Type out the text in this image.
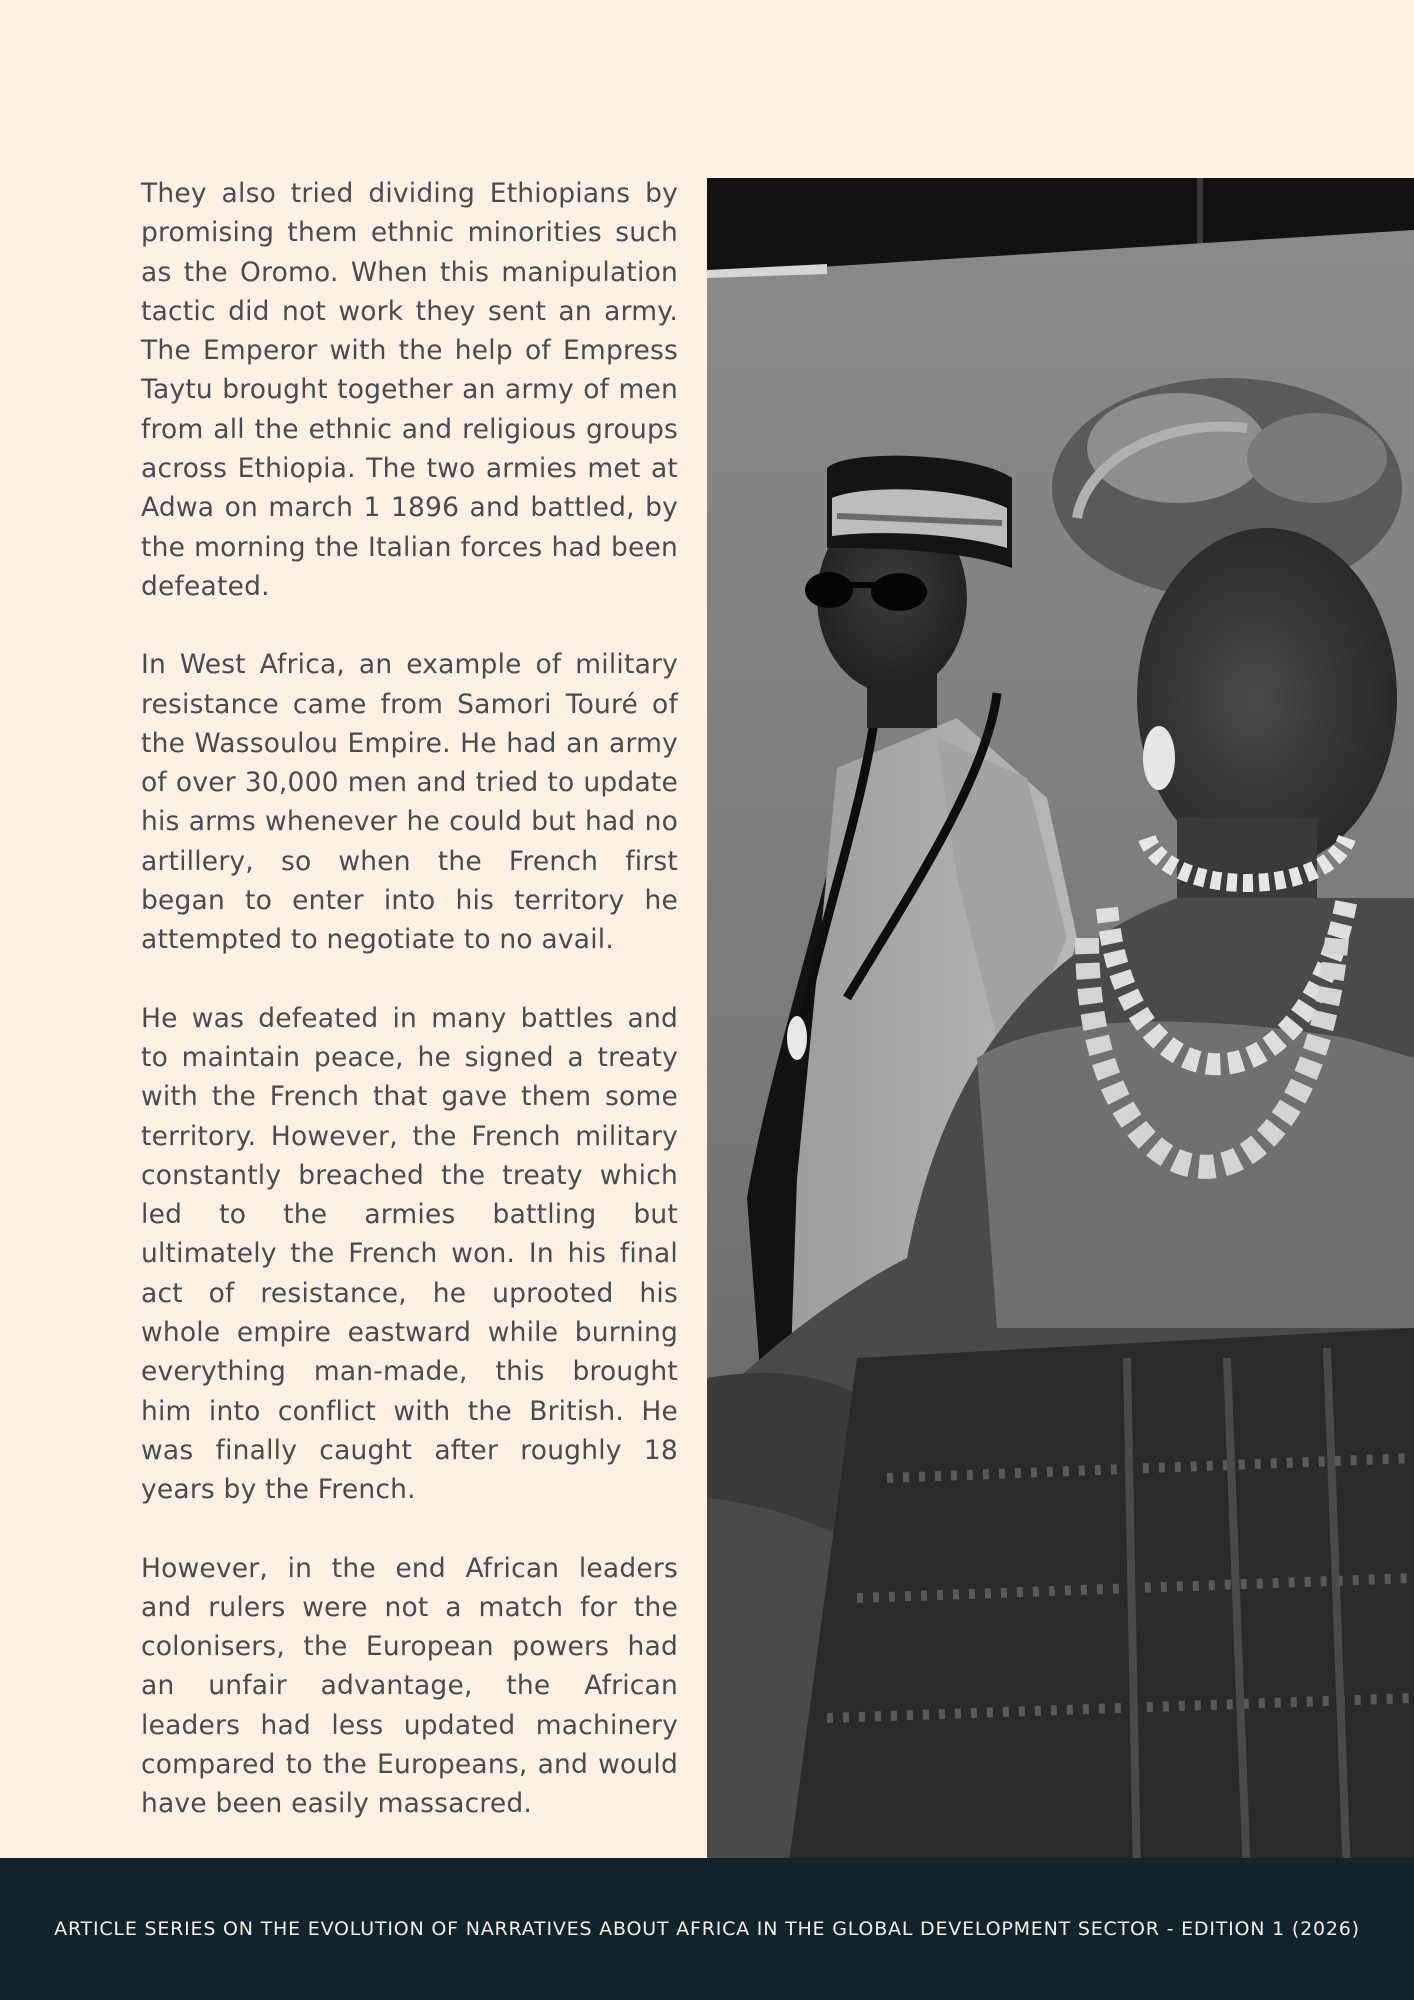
They also tried dividing Ethiopians by promising them ethnic minorities such as the Oromo. When this manipulation tactic did not work they sent an army. The Emperor with the help of Empress Taytu brought together an army of men from all the ethnic and religious groups across Ethiopia. The two armies met at Adwa on march 1 1896 and battled, by the morning the Italian forces had been defeated.

In West Africa, an example of military resistance came from Samori Touré of the Wassoulou Empire. He had an army of over 30,000 men and tried to update his arms whenever he could but had no artillery, so when the French first began to enter into his territory he attempted to negotiate to no avail.

He was defeated in many battles and to maintain peace, he signed a treaty with the French that gave them some territory. However, the French military constantly breached the treaty which led to the armies battling but ultimately the French won. In his final act of resistance, he uprooted his whole empire eastward while burning everything man-made, this brought him into conflict with the British. He was finally caught after roughly 18 years by the French.

However, in the end African leaders and rulers were not a match for the colonisers, the European powers had an unfair advantage, the African leaders had less updated machinery compared to the Europeans, and would have been easily massacred.

ARTICLE SERIES ON THE EVOLUTION OF NARRATIVES ABOUT AFRICA IN THE GLOBAL DEVELOPMENT SECTOR - EDITION 1 (2026)
